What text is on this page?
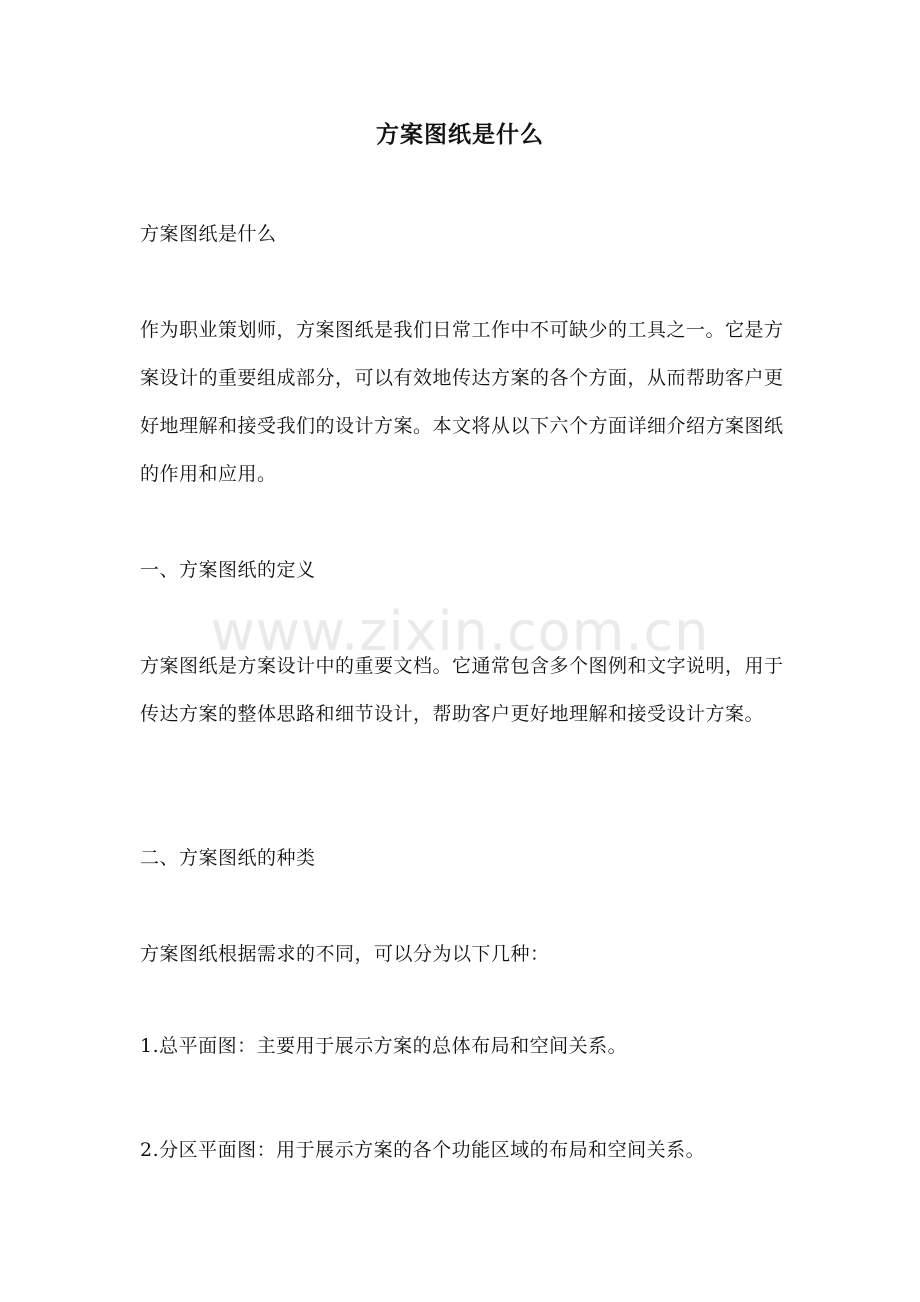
方案图纸是什么
方案图纸是什么
作为职业策划师，方案图纸是我们日常工作中不可缺少的工具之一。它是方案设计的重要组成部分，可以有效地传达方案的各个方面，从而帮助客户更好地理解和接受我们的设计方案。本文将从以下六个方面详细介绍方案图纸的作用和应用。
一、方案图纸的定义
方案图纸是方案设计中的重要文档。它通常包含多个图例和文字说明，用于传达方案的整体思路和细节设计，帮助客户更好地理解和接受设计方案。
二、方案图纸的种类
方案图纸根据需求的不同，可以分为以下几种：
1.总平面图：主要用于展示方案的总体布局和空间关系。
2.分区平面图：用于展示方案的各个功能区域的布局和空间关系。
www.zixin.com.cn
